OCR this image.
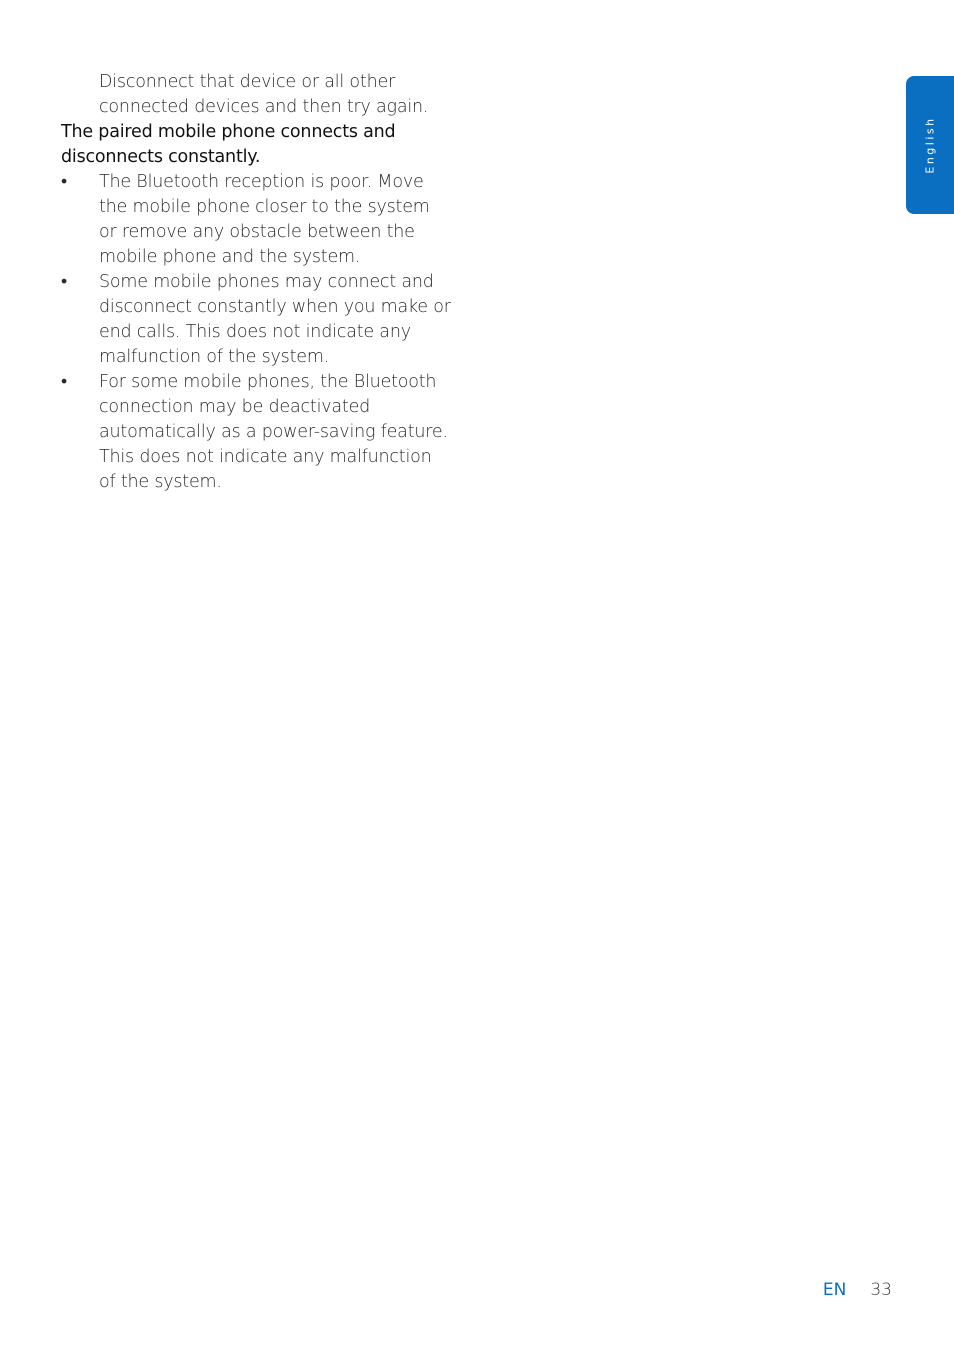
Disconnect that device or all other connected devices and then try again.

The paired mobile phone connects and disconnects constantly.

•	The Bluetooth reception is poor. Move the mobile phone closer to the system or remove any obstacle between the mobile phone and the system.
•	Some mobile phones may connect and disconnect constantly when you make or end calls. This does not indicate any malfunction of the system.
•	For some mobile phones, the Bluetooth connection may be deactivated automatically as a power-saving feature. This does not indicate any malfunction of the system.
English
EN 33
